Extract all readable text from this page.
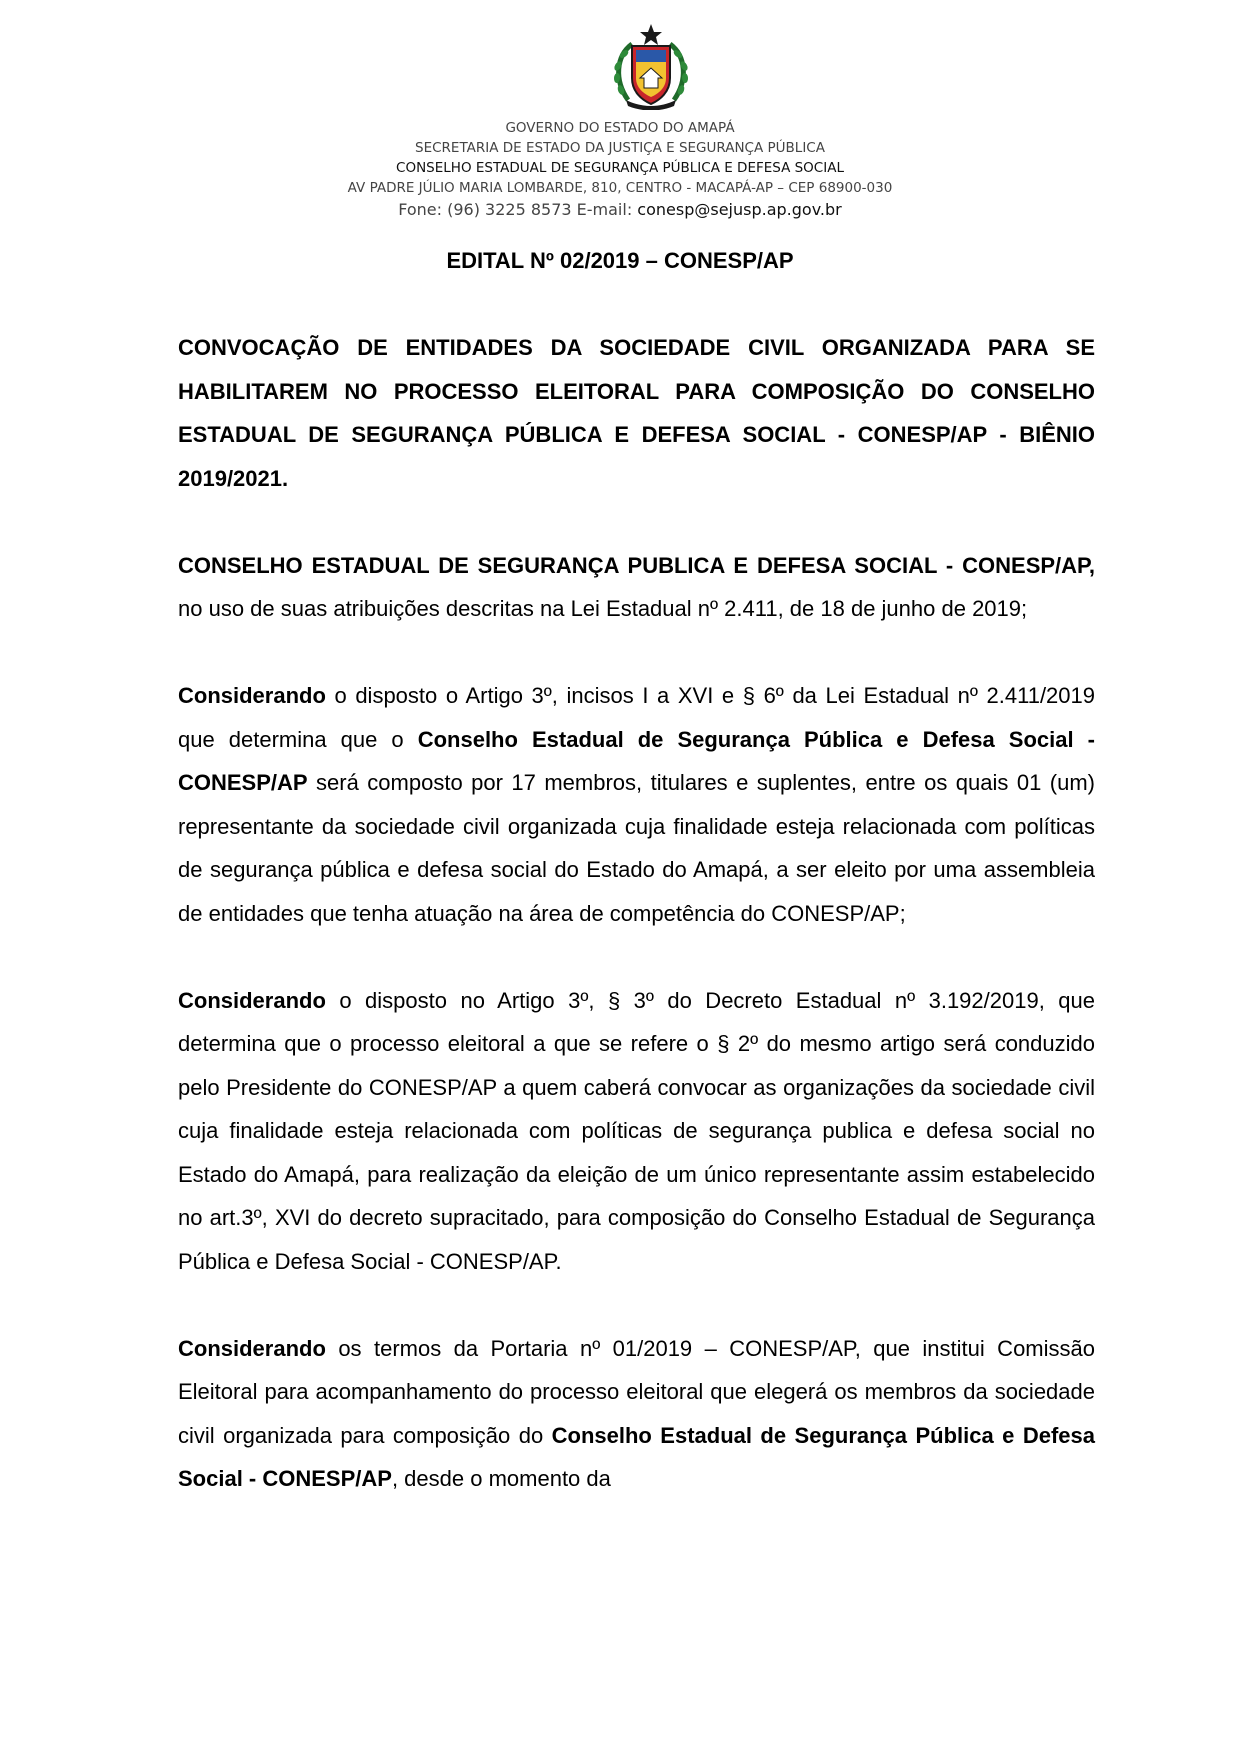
GOVERNO DO ESTADO DO AMAPÁ
SECRETARIA DE ESTADO DA JUSTIÇA E SEGURANÇA PÚBLICA
CONSELHO ESTADUAL DE SEGURANÇA PÚBLICA E DEFESA SOCIAL
AV PADRE JÚLIO MARIA LOMBARDE, 810, CENTRO - MACAPÁ-AP – CEP 68900-030
Fone: (96) 3225 8573 E-mail: conesp@sejusp.ap.gov.br
EDITAL Nº 02/2019 – CONESP/AP

CONVOCAÇÃO DE ENTIDADES DA SOCIEDADE CIVIL ORGANIZADA PARA SE HABILITAREM NO PROCESSO ELEITORAL PARA COMPOSIÇÃO DO CONSELHO ESTADUAL DE SEGURANÇA PÚBLICA E DEFESA SOCIAL - CONESP/AP - BIÊNIO 2019/2021.

CONSELHO ESTADUAL DE SEGURANÇA PUBLICA E DEFESA SOCIAL - CONESP/AP, no uso de suas atribuições descritas na Lei Estadual nº 2.411, de 18 de junho de 2019;

Considerando o disposto o Artigo 3º, incisos I a XVI e § 6º da Lei Estadual nº 2.411/2019 que determina que o Conselho Estadual de Segurança Pública e Defesa Social - CONESP/AP será composto por 17 membros, titulares e suplentes, entre os quais 01 (um) representante da sociedade civil organizada cuja finalidade esteja relacionada com políticas de segurança pública e defesa social do Estado do Amapá, a ser eleito por uma assembleia de entidades que tenha atuação na área de competência do CONESP/AP;

Considerando o disposto no Artigo 3º, § 3º do Decreto Estadual nº 3.192/2019, que determina que o processo eleitoral a que se refere o § 2º do mesmo artigo será conduzido pelo Presidente do CONESP/AP a quem caberá convocar as organizações da sociedade civil cuja finalidade esteja relacionada com políticas de segurança publica e defesa social no Estado do Amapá, para realização da eleição de um único representante assim estabelecido no art.3º, XVI do decreto supracitado, para composição do Conselho Estadual de Segurança Pública e Defesa Social - CONESP/AP.

Considerando os termos da Portaria nº 01/2019 – CONESP/AP, que institui Comissão Eleitoral para acompanhamento do processo eleitoral que elegerá os membros da sociedade civil organizada para composição do Conselho Estadual de Segurança Pública e Defesa Social - CONESP/AP, desde o momento da
